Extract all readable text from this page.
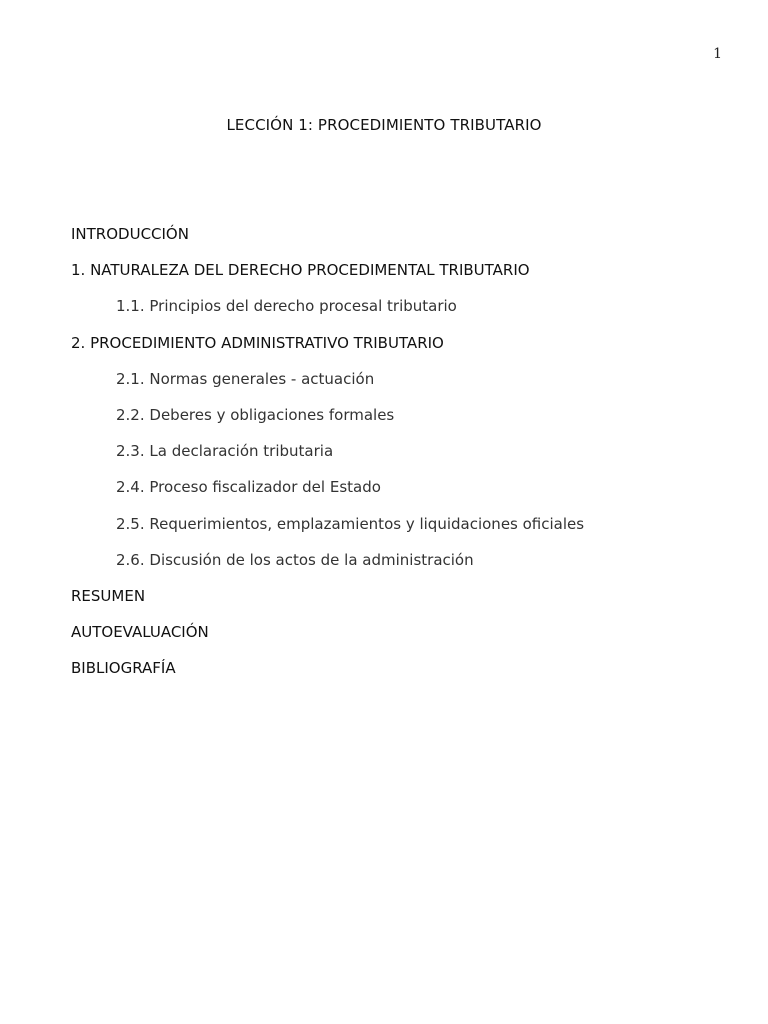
1
LECCIÓN 1: PROCEDIMIENTO TRIBUTARIO
INTRODUCCIÓN
1. NATURALEZA DEL DERECHO PROCEDIMENTAL TRIBUTARIO
1.1. Principios del derecho procesal tributario
2. PROCEDIMIENTO ADMINISTRATIVO TRIBUTARIO
2.1. Normas generales - actuación
2.2. Deberes y obligaciones formales
2.3. La declaración tributaria
2.4. Proceso fiscalizador del Estado
2.5. Requerimientos, emplazamientos y liquidaciones oficiales
2.6. Discusión de los actos de la administración
RESUMEN
AUTOEVALUACIÓN
BIBLIOGRAFÍA
